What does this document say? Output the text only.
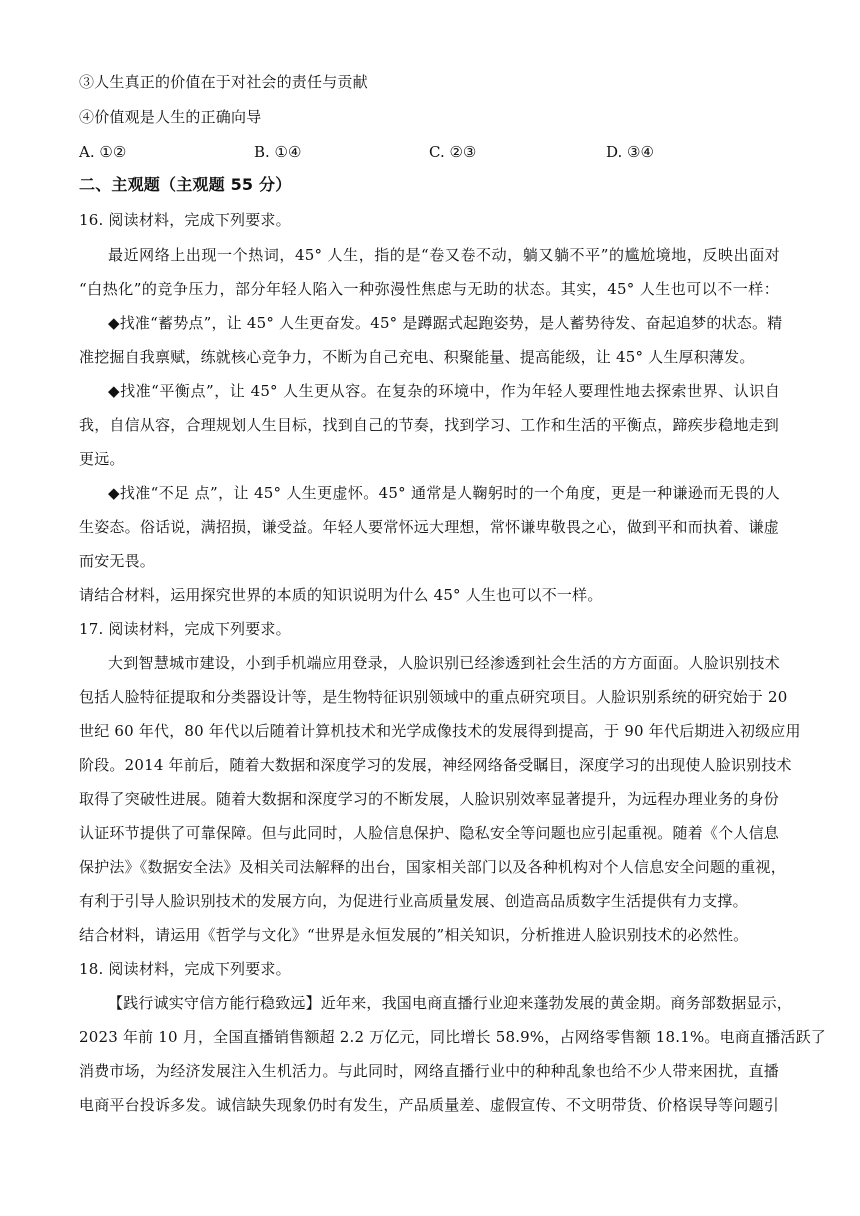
③人生真正的价值在于对社会的责任与贡献
④价值观是人生的正确向导
A. ①②	B. ①④	C. ②③	D. ③④
二、主观题（主观题 55 分）
16. 阅读材料，完成下列要求。
最近网络上出现一个热词，45° 人生，指的是“卷又卷不动，躺又躺不平”的尴尬境地，反映出面对
“白热化”的竞争压力，部分年轻人陷入一种弥漫性焦虑与无助的状态。其实，45° 人生也可以不一样：
◆找准“蓄势点”，让 45° 人生更奋发。45° 是蹲踞式起跑姿势，是人蓄势待发、奋起追梦的状态。精
准挖掘自我禀赋，练就核心竞争力，不断为自己充电、积聚能量、提高能级，让 45° 人生厚积薄发。
◆找准“平衡点”，让 45° 人生更从容。在复杂的环境中，作为年轻人要理性地去探索世界、认识自
我，自信从容，合理规划人生目标，找到自己的节奏，找到学习、工作和生活的平衡点，蹄疾步稳地走到
更远。
◆找准“不足 点”，让 45° 人生更虚怀。45° 通常是人鞠躬时的一个角度，更是一种谦逊而无畏的人
生姿态。俗话说，满招损，谦受益。年轻人要常怀远大理想，常怀谦卑敬畏之心，做到平和而执着、谦虚
而安无畏。
请结合材料，运用探究世界的本质的知识说明为什么 45° 人生也可以不一样。
17. 阅读材料，完成下列要求。
大到智慧城市建设，小到手机端应用登录，人脸识别已经渗透到社会生活的方方面面。人脸识别技术
包括人脸特征提取和分类器设计等，是生物特征识别领域中的重点研究项目。人脸识别系统的研究始于 20
世纪 60 年代，80 年代以后随着计算机技术和光学成像技术的发展得到提高，于 90 年代后期进入初级应用
阶段。2014 年前后，随着大数据和深度学习的发展，神经网络备受瞩目，深度学习的出现使人脸识别技术
取得了突破性进展。随着大数据和深度学习的不断发展，人脸识别效率显著提升，为远程办理业务的身份
认证环节提供了可靠保障。但与此同时，人脸信息保护、隐私安全等问题也应引起重视。随着《个人信息
保护法》《数据安全法》及相关司法解释的出台，国家相关部门以及各种机构对个人信息安全问题的重视，
有利于引导人脸识别技术的发展方向，为促进行业高质量发展、创造高品质数字生活提供有力支撑。
结合材料，请运用《哲学与文化》“世界是永恒发展的”相关知识，分析推进人脸识别技术的必然性。
18. 阅读材料，完成下列要求。
【践行诚实守信方能行稳致远】近年来，我国电商直播行业迎来蓬勃发展的黄金期。商务部数据显示，
2023 年前 10 月，全国直播销售额超 2.2 万亿元，同比增长 58.9%，占网络零售额 18.1%。电商直播活跃了
消费市场，为经济发展注入生机活力。与此同时，网络直播行业中的种种乱象也给不少人带来困扰，直播
电商平台投诉多发。诚信缺失现象仍时有发生，产品质量差、虚假宣传、不文明带货、价格误导等问题引
